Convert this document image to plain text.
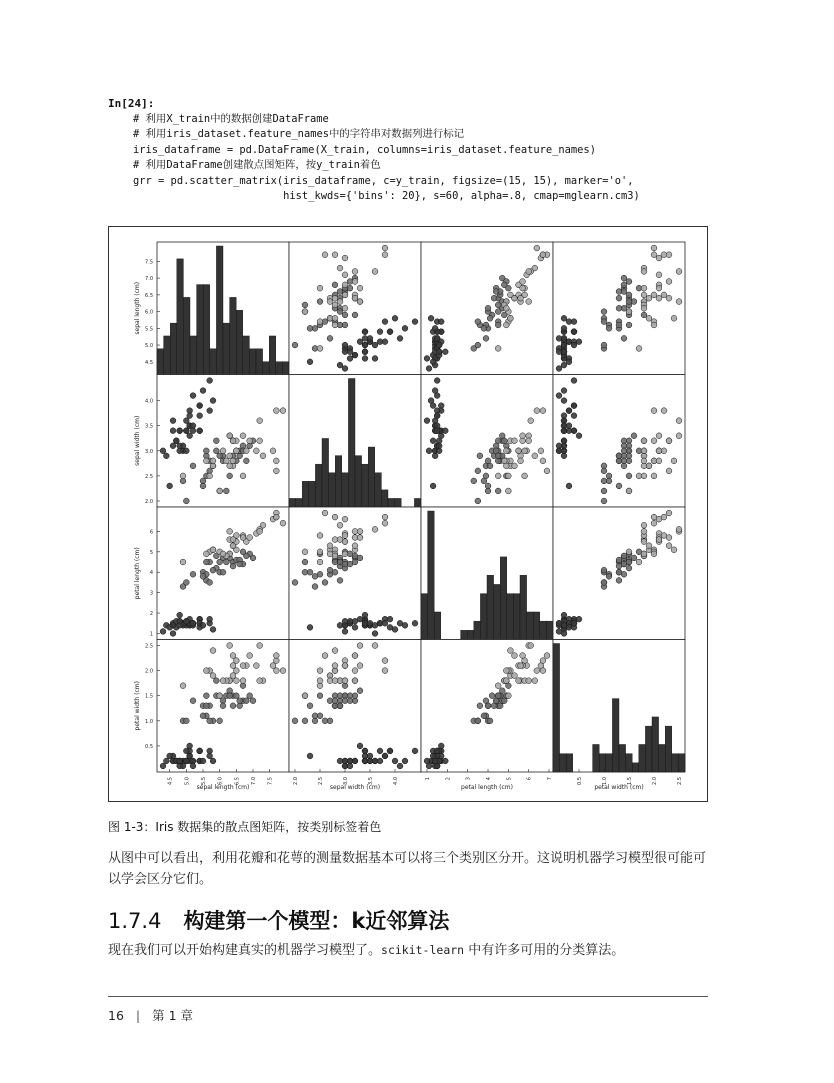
In[24]:
# 利用X_train中的数据创建DataFrame
# 利用iris_dataset.feature_names中的字符串对数据列进行标记
iris_dataframe = pd.DataFrame(X_train, columns=iris_dataset.feature_names)
# 利用DataFrame创建散点图矩阵，按y_train着色
grr = pd.scatter_matrix(iris_dataframe, c=y_train, figsize=(15, 15), marker='o',
hist_kwds={'bins': 20}, s=60, alpha=.8, cmap=mglearn.cm3)
4.5
5.0
5.5
6.0
6.5
7.0
7.5
sepal length (cm)
2.0
2.5
3.0
3.5
4.0
sepal width (cm)
1
2
3
4
5
6
petal length (cm)
0.5
1.0
1.5
2.0
2.5
petal width (cm)
4.5 5.0 5.5 6.0 6.5 7.0 7.5
sepal length (cm)
2.0	2.5	3.0	3.5	4.0
sepal width (cm)
1	2	3	4	5	6	7
petal length (cm)
0.5	1.0	1.5	2.0	2.5
petal width (cm)
图 1-3：Iris 数据集的散点图矩阵，按类别标签着色
从图中可以看出，利用花瓣和花萼的测量数据基本可以将三个类别区分开。这说明机器学习模型很可能可以学会区分它们。
1.7.4 构建第一个模型：k近邻算法
现在我们可以开始构建真实的机器学习模型了。scikit-learn 中有许多可用的分类算法。
16 | 第 1 章
